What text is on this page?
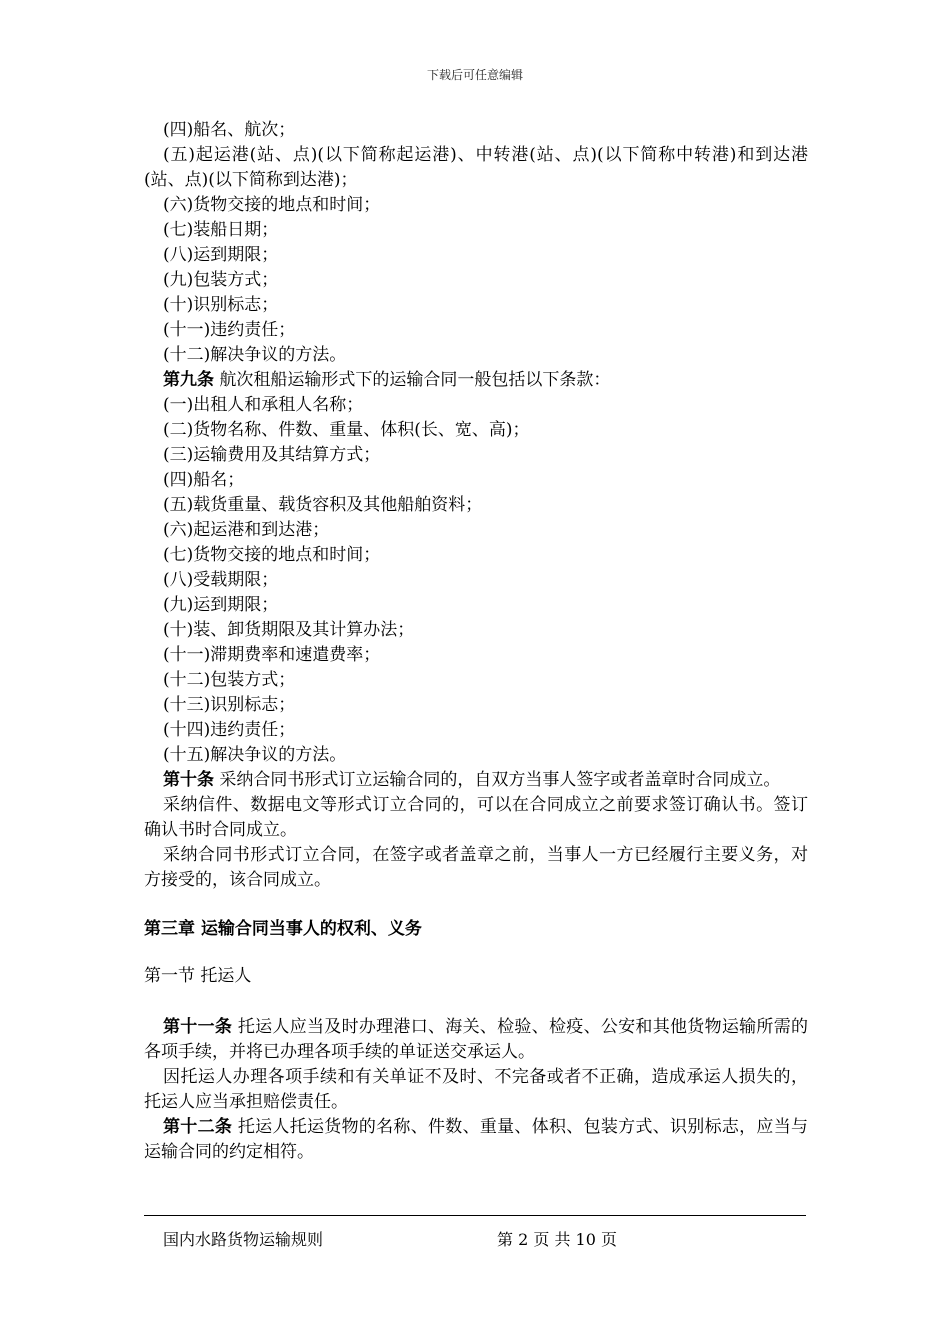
下载后可任意编辑

(四)船名、航次；

(五)起运港(站、点)(以下简称起运港)、中转港(站、点)(以下简称中转港)和到达港(站、点)(以下简称到达港)；

(六)货物交接的地点和时间；

(七)装船日期；

(八)运到期限；

(九)包装方式；

(十)识别标志；

(十一)违约责任；

(十二)解决争议的方法。

第九条 航次租船运输形式下的运输合同一般包括以下条款：

(一)出租人和承租人名称；

(二)货物名称、件数、重量、体积(长、宽、高)；

(三)运输费用及其结算方式；

(四)船名；

(五)载货重量、载货容积及其他船舶资料；

(六)起运港和到达港；

(七)货物交接的地点和时间；

(八)受载期限；

(九)运到期限；

(十)装、卸货期限及其计算办法；

(十一)滞期费率和速遣费率；

(十二)包装方式；

(十三)识别标志；

(十四)违约责任；

(十五)解决争议的方法。

第十条 采纳合同书形式订立运输合同的，自双方当事人签字或者盖章时合同成立。

采纳信件、数据电文等形式订立合同的，可以在合同成立之前要求签订确认书。签订确认书时合同成立。

采纳合同书形式订立合同，在签字或者盖章之前，当事人一方已经履行主要义务，对方接受的，该合同成立。

第三章 运输合同当事人的权利、义务

第一节 托运人

第十一条 托运人应当及时办理港口、海关、检验、检疫、公安和其他货物运输所需的各项手续，并将已办理各项手续的单证送交承运人。

因托运人办理各项手续和有关单证不及时、不完备或者不正确，造成承运人损失的，托运人应当承担赔偿责任。

第十二条 托运人托运货物的名称、件数、重量、体积、包装方式、识别标志，应当与运输合同的约定相符。

国内水路货物运输规则	第 2 页 共 10 页
